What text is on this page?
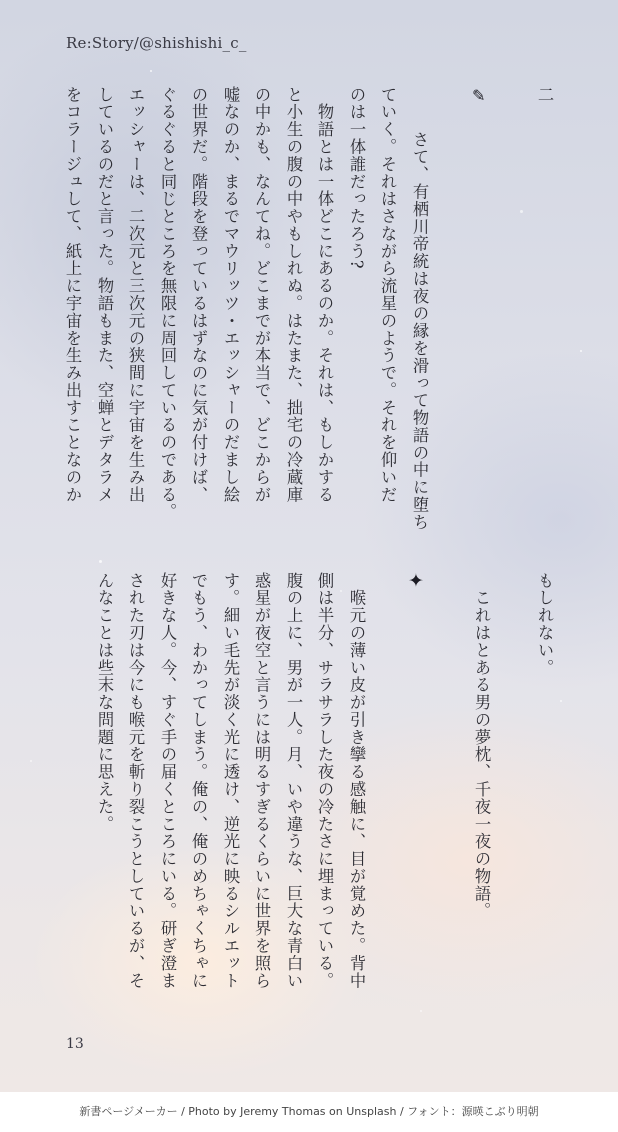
Re:Story/@shishishi_c_
二
✎
さて、有栖川帝統は夜の縁を滑って物語の中に堕ち
ていく。それはさながら流星のようで。それを仰いだ
のは一体誰だったろう?
　物語とは一体どこにあるのか。それは、もしかする
と小生の腹の中やもしれぬ。はたまた、拙宅の冷蔵庫
の中かも、なんてね。どこまでが本当で、どこからが
嘘なのか、まるでマウリッツ・エッシャーのだまし絵
の世界だ。階段を登っているはずなのに気が付けば、
ぐるぐると同じところを無限に周回しているのである。
エッシャーは、二次元と三次元の狭間に宇宙を生み出
しているのだと言った。物語もまた、空蝉とデタラメ
をコラージュして、紙上に宇宙を生み出すことなのか
もしれない。
　これはとある男の夢枕、千夜一夜の物語。
✦
　喉元の薄い皮が引き攣る感触に、目が覚めた。背中
側は半分、サラサラした夜の冷たさに埋まっている。
腹の上に、男が一人。月、いや違うな、巨大な青白い
惑星が夜空と言うには明るすぎるくらいに世界を照ら
す。細い毛先が淡く光に透け、逆光に映るシルエット
でもう、わかってしまう。俺の、俺のめちゃくちゃに
好きな人。今、すぐ手の届くところにいる。研ぎ澄ま
された刃は今にも喉元を斬り裂こうとしているが、そ
んなことは些末な問題に思えた。
13
新書ページメーカー / Photo by Jeremy Thomas on Unsplash / フォント：源暎こぶり明朝
